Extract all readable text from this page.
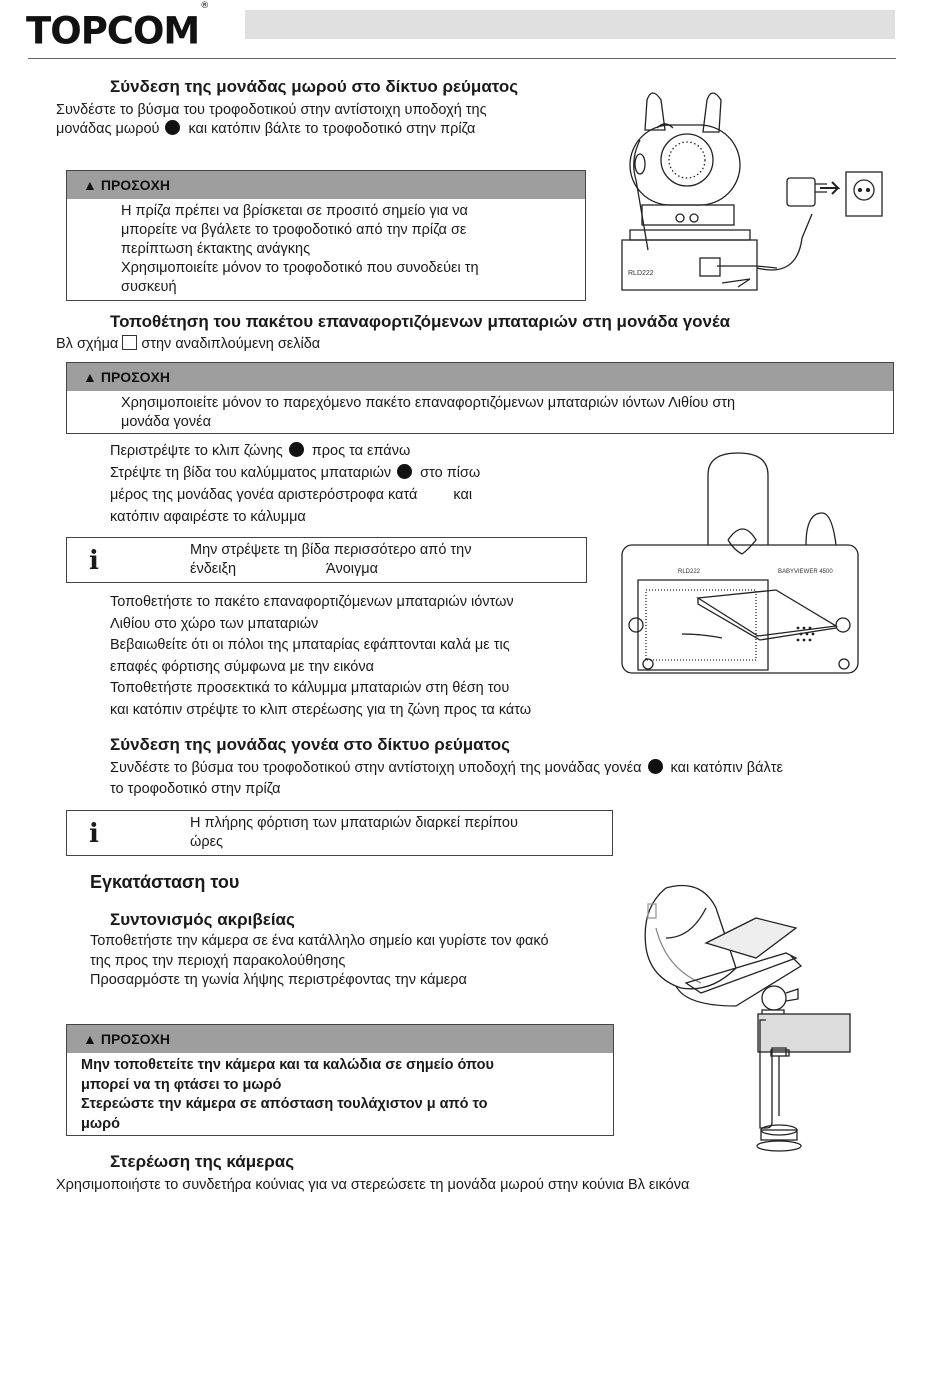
TOPCOM®
Σύνδεση της μονάδας μωρού στο δίκτυο ρεύματος
Συνδέστε το βύσμα του τροφοδοτικού στην αντίστοιχη υποδοχή της
μονάδας μωρού και κατόπιν βάλτε το τροφοδοτικό στην πρίζα
▲ ΠΡΟΣΟΧΗ
Η πρίζα πρέπει να βρίσκεται σε προσιτό σημείο για να
μπορείτε να βγάλετε το τροφοδοτικό από την πρίζα σε
περίπτωση έκτακτης ανάγκης
Χρησιμοποιείτε μόνον το τροφοδοτικό που συνοδεύει τη
συσκευή
RLD222
Τοποθέτηση του πακέτου επαναφορτιζόμενων μπαταριών στη μονάδα γονέα
Βλ σχήμα στην αναδιπλούμενη σελίδα
▲ ΠΡΟΣΟΧΗ
Χρησιμοποιείτε μόνον το παρεχόμενο πακέτο επαναφορτιζόμενων μπαταριών ιόντων Λιθίου στη
μονάδα γονέα
Περιστρέψτε το κλιπ ζώνης προς τα επάνω
Στρέψτε τη βίδα του καλύμματος μπαταριών στο πίσω
μέρος της μονάδας γονέα αριστερόστροφα κατά και
κατόπιν αφαιρέστε το κάλυμμα
i	Μην στρέψετε τη βίδα περισσότερο από την
ένδειξη	Άνοιγμα	BABYVIEWER 4500
RLD222
Τοποθετήστε το πακέτο επαναφορτιζόμενων μπαταριών ιόντων
Λιθίου στο χώρο των μπαταριών
Βεβαιωθείτε ότι οι πόλοι της μπαταρίας εφάπτονται καλά με τις
επαφές φόρτισης σύμφωνα με την εικόνα
Τοποθετήστε προσεκτικά το κάλυμμα μπαταριών στη θέση του
και κατόπιν στρέψτε το κλιπ στερέωσης για τη ζώνη προς τα κάτω
Σύνδεση της μονάδας γονέα στο δίκτυο ρεύματος
Συνδέστε το βύσμα του τροφοδοτικού στην αντίστοιχη υποδοχή της μονάδας γονέα και κατόπιν βάλτε
το τροφοδοτικό στην πρίζα
i	Η πλήρης φόρτιση των μπαταριών διαρκεί περίπου
ώρες
Εγκατάσταση του
Συντονισμός ακριβείας
Τοποθετήστε την κάμερα σε ένα κατάλληλο σημείο και γυρίστε τον φακό
της προς την περιοχή παρακολούθησης
Προσαρμόστε τη γωνία λήψης περιστρέφοντας την κάμερα
▲ ΠΡΟΣΟΧΗ
Μην τοποθετείτε την κάμερα και τα καλώδια σε σημείο όπου
μπορεί να τη φτάσει το μωρό
Στερεώστε την κάμερα σε απόσταση τουλάχιστον μ από το
μωρό
Στερέωση της κάμερας
Χρησιμοποιήστε το συνδετήρα κούνιας για να στερεώσετε τη μονάδα μωρού στην κούνια Βλ εικόνα
